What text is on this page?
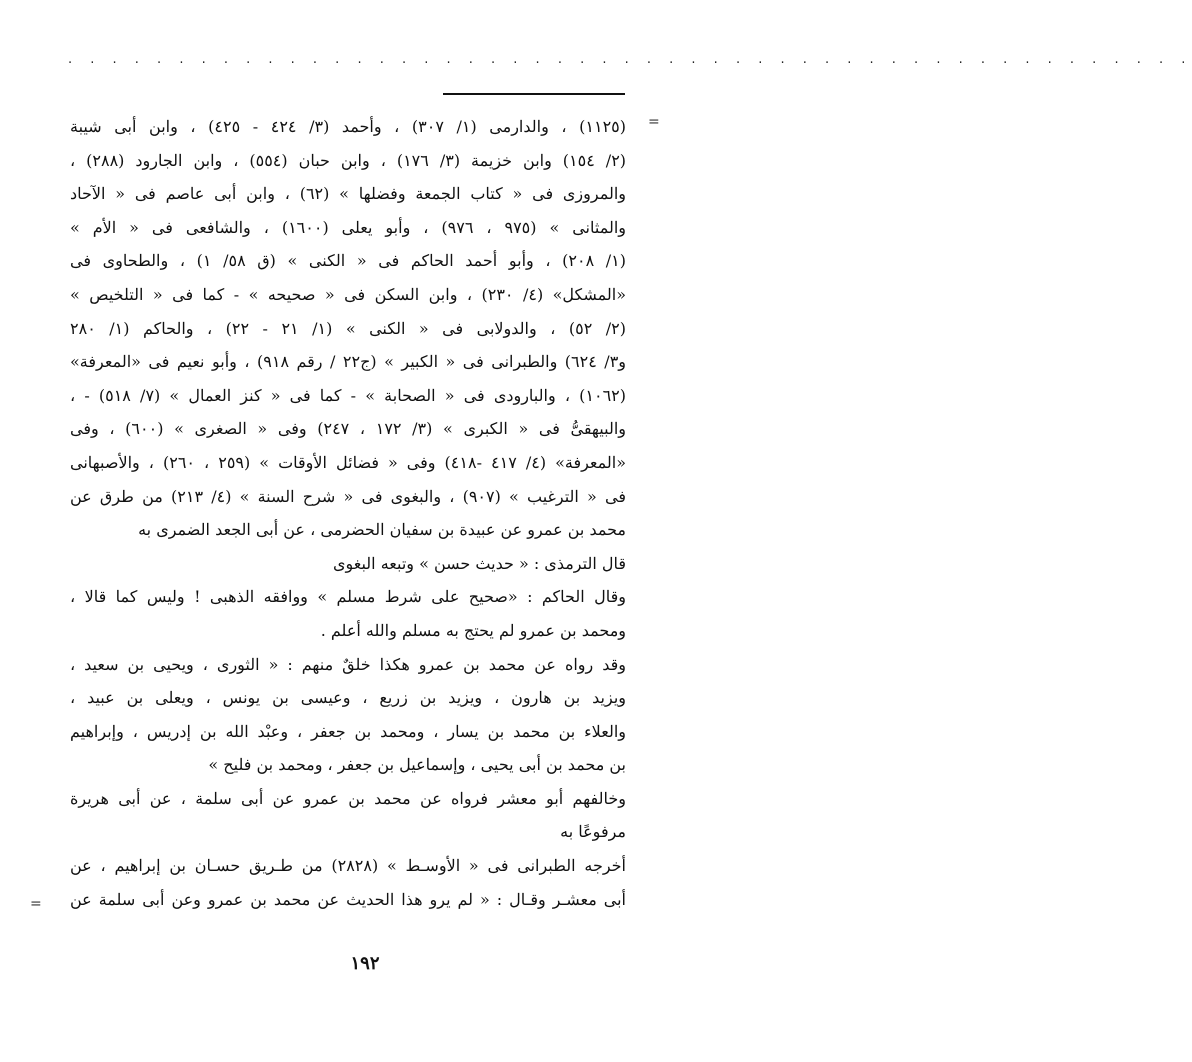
. . . . . . . . . . . . . . . . . . . . . . . . . . . . . . . . . . . . . . . . . . . . . . . . . . .
=
=
(١١٢٥) ، والدارمى (١/ ٣٠٧) ، وأحمد (٣/ ٤٢٤ - ٤٢٥) ، وابن أبى شيبة
(٢/ ١٥٤) وابن خزيمة (٣/ ١٧٦) ، وابن حبان (٥٥٤) ، وابن الجارود (٢٨٨) ،
والمروزى فى « كتاب الجمعة وفضلها » (٦٢) ، وابن أبى عاصم فى « الآحاد
والمثانى » (٩٧٥ ، ٩٧٦) ، وأبو يعلى (١٦٠٠) ، والشافعى فى « الأم »
(١/ ٢٠٨) ، وأبو أحمد الحاكم فى « الكنى » (ق ٥٨/ ١) ، والطحاوى فى
«المشكل» (٤/ ٢٣٠) ، وابن السكن فى « صحيحه » - كما فى « التلخيص »
(٢/ ٥٢) ، والدولابى فى « الكنى » (١/ ٢١ - ٢٢) ، والحاكم (١/ ٢٨٠
و٣/ ٦٢٤) والطبرانى فى « الكبير » (ج٢٢ / رقم ٩١٨) ، وأبو نعيم فى «المعرفة»
(١٠٦٢) ، والبارودى فى « الصحابة » - كما فى « كنز العمال » (٧/ ٥١٨) - ،
والبيهقىُّ فى « الكبرى » (٣/ ١٧٢ ، ٢٤٧) وفى « الصغرى » (٦٠٠) ، وفى
«المعرفة» (٤/ ٤١٧ -٤١٨) وفى « فضائل الأوقات » (٢٥٩ ، ٢٦٠) ، والأصبهانى
فى « الترغيب » (٩٠٧) ، والبغوى فى « شرح السنة » (٤/ ٢١٣) من طرق عن
محمد بن عمرو عن عبيدة بن سفيان الحضرمى ، عن أبى الجعد الضمرى به
قال الترمذى : « حديث حسن » وتبعه البغوى
وقال الحاكم : «صحيح على شرط مسلم » ووافقه الذهبى ! وليس كما قالا ،
ومحمد بن عمرو لم يحتج به مسلم والله أعلم .
وقد رواه عن محمد بن عمرو هكذا خلقٌ منهم : « الثورى ، ويحيى بن سعيد ،
ويزيد بن هارون ، ويزيد بن زريع ، وعيسى بن يونس ، ويعلى بن عبيد ،
والعلاء بن محمد بن يسار ، ومحمد بن جعفر ، وعبْد الله بن إدريس ، وإبراهيم
بن محمد بن أبى يحيى ، وإسماعيل بن جعفر ، ومحمد بن فليح »
وخالفهم أبو معشر فرواه عن محمد بن عمرو عن أبى سلمة ، عن أبى هريرة
مرفوعًا به
أخرجه الطبرانى فى « الأوسـط » (٢٨٢٨) من طـريق حسـان بن إبراهيم ، عن
أبى معشـر وقـال : « لم يرو هذا الحديث عن محمد بن عمرو وعن أبى سلمة عن
١٩٢
